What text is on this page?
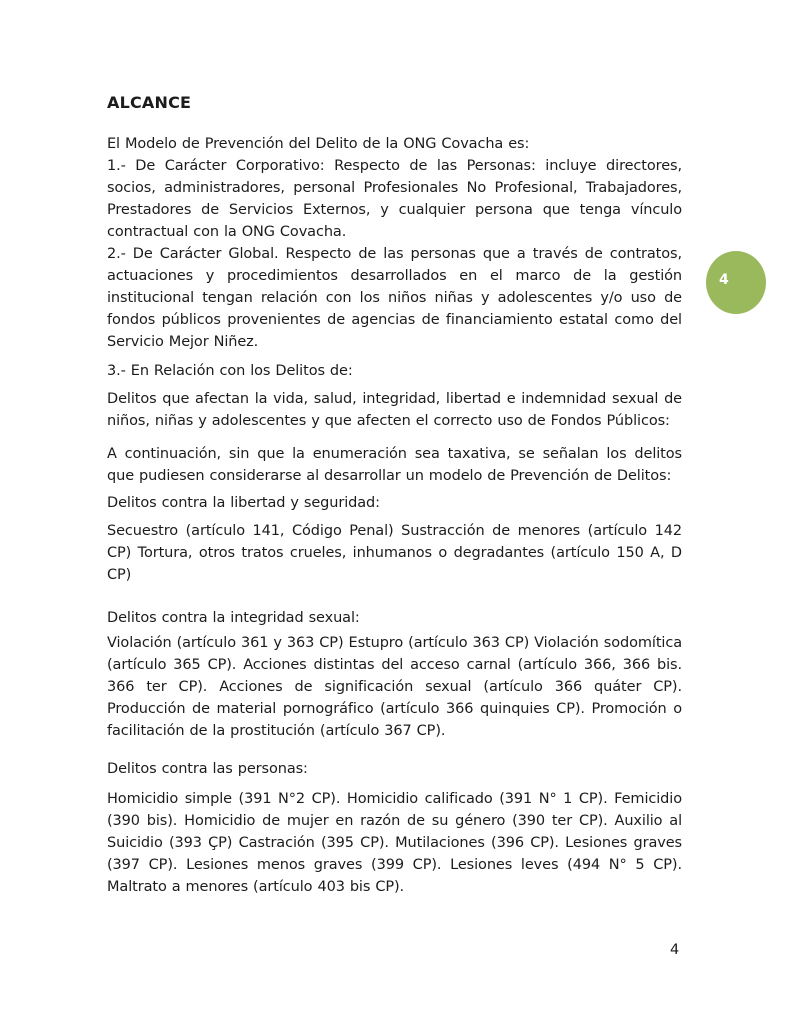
ALCANCE

El Modelo de Prevención del Delito de la ONG Covacha es:

1.- De Carácter Corporativo: Respecto de las Personas: incluye directores, socios, administradores, personal Profesionales No Profesional, Trabajadores, Prestadores de Servicios Externos, y cualquier persona que tenga vínculo contractual con la ONG Covacha.

2.- De Carácter Global. Respecto de las personas que a través de contratos, actuaciones y procedimientos desarrollados en el marco de la gestión institucional tengan relación con los niños niñas y adolescentes y/o uso de fondos públicos provenientes de agencias de financiamiento estatal como del Servicio Mejor Niñez.

3.- En Relación con los Delitos de:

Delitos que afectan la vida, salud, integridad, libertad e indemnidad sexual de niños, niñas y adolescentes y que afecten el correcto uso de Fondos Públicos:

A continuación, sin que la enumeración sea taxativa, se señalan los delitos que pudiesen considerarse al desarrollar un modelo de Prevención de Delitos:

Delitos contra la libertad y seguridad:

Secuestro (artículo 141, Código Penal) Sustracción de menores (artículo 142 CP) Tortura, otros tratos crueles, inhumanos o degradantes (artículo 150 A, D CP)

Delitos contra la integridad sexual:

Violación (artículo 361 y 363 CP) Estupro (artículo 363 CP) Violación sodomítica (artículo 365 CP). Acciones distintas del acceso carnal (artículo 366, 366 bis. 366 ter CP). Acciones de significación sexual (artículo 366 quáter CP). Producción de material pornográfico (artículo 366 quinquies CP). Promoción o facilitación de la prostitución (artículo 367 CP).

Delitos contra las personas:

Homicidio simple (391 N°2 CP). Homicidio calificado (391 N° 1 CP). Femicidio (390 bis). Homicidio de mujer en razón de su género (390 ter CP). Auxilio al Suicidio (393 ÇP) Castración (395 CP). Mutilaciones (396 CP). Lesiones graves (397 CP). Lesiones menos graves (399 CP). Lesiones leves (494 N° 5 CP). Maltrato a menores (artículo 403 bis CP).

4
4
